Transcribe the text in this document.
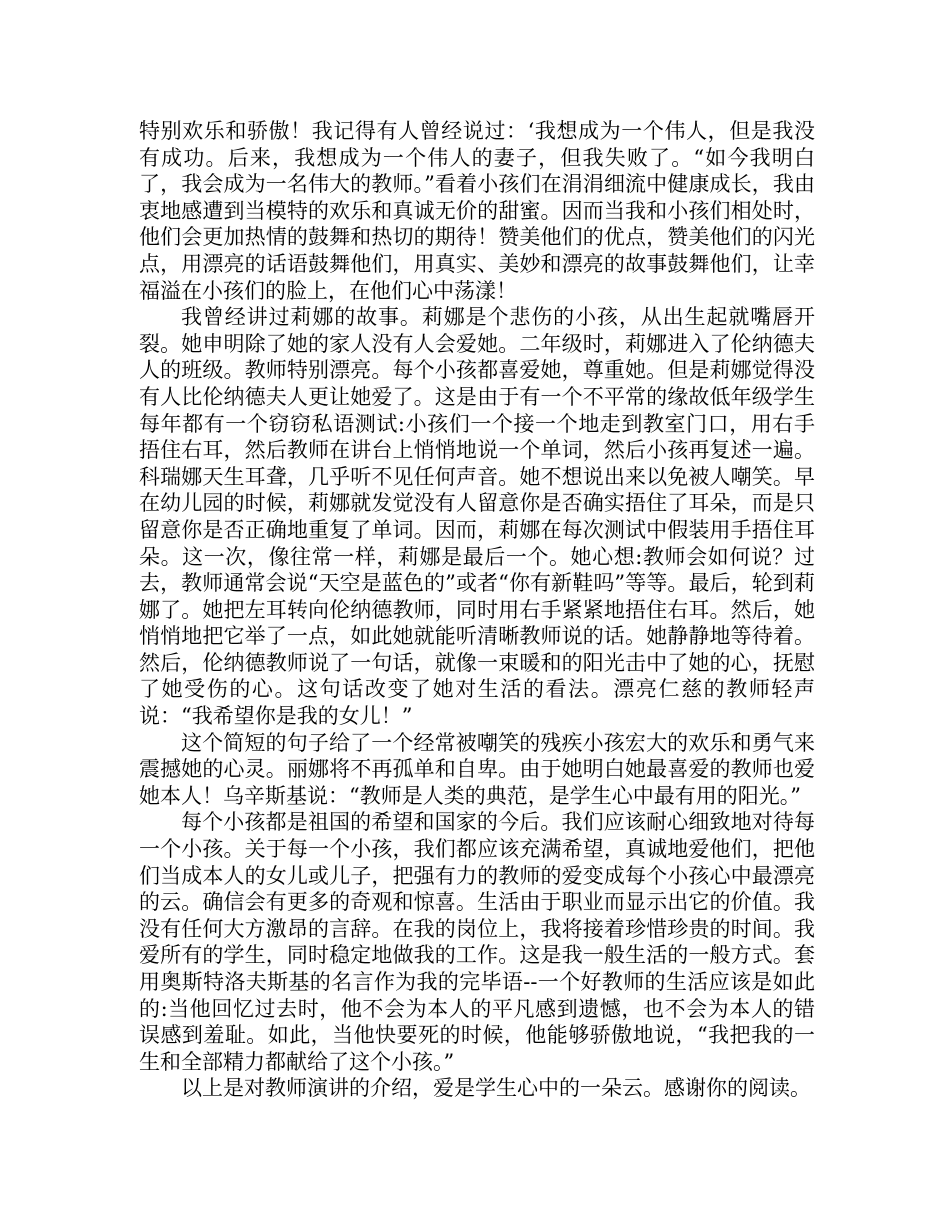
特别欢乐和骄傲！我记得有人曾经说过：‘我想成为一个伟人，但是我没有成功。后来，我想成为一个伟人的妻子，但我失败了。“如今我明白了，我会成为一名伟大的教师。”看着小孩们在涓涓细流中健康成长，我由衷地感遭到当模特的欢乐和真诚无价的甜蜜。因而当我和小孩们相处时，他们会更加热情的鼓舞和热切的期待！赞美他们的优点，赞美他们的闪光点，用漂亮的话语鼓舞他们，用真实、美妙和漂亮的故事鼓舞他们，让幸福溢在小孩们的脸上，在他们心中荡漾！

我曾经讲过莉娜的故事。莉娜是个悲伤的小孩，从出生起就嘴唇开裂。她申明除了她的家人没有人会爱她。二年级时，莉娜进入了伦纳德夫人的班级。教师特别漂亮。每个小孩都喜爱她，尊重她。但是莉娜觉得没有人比伦纳德夫人更让她爱了。这是由于有一个不平常的缘故低年级学生每年都有一个窃窃私语测试:小孩们一个接一个地走到教室门口，用右手捂住右耳，然后教师在讲台上悄悄地说一个单词，然后小孩再复述一遍。科瑞娜天生耳聋，几乎听不见任何声音。她不想说出来以免被人嘲笑。早在幼儿园的时候，莉娜就发觉没有人留意你是否确实捂住了耳朵，而是只留意你是否正确地重复了单词。因而，莉娜在每次测试中假装用手捂住耳朵。这一次，像往常一样，莉娜是最后一个。她心想:教师会如何说？过去，教师通常会说“天空是蓝色的”或者“你有新鞋吗”等等。最后，轮到莉娜了。她把左耳转向伦纳德教师，同时用右手紧紧地捂住右耳。然后，她悄悄地把它举了一点，如此她就能听清晰教师说的话。她静静地等待着。然后，伦纳德教师说了一句话，就像一束暖和的阳光击中了她的心，抚慰了她受伤的心。这句话改变了她对生活的看法。漂亮仁慈的教师轻声说：“我希望你是我的女儿！”

这个简短的句子给了一个经常被嘲笑的残疾小孩宏大的欢乐和勇气来震撼她的心灵。丽娜将不再孤单和自卑。由于她明白她最喜爱的教师也爱她本人！乌辛斯基说：“教师是人类的典范，是学生心中最有用的阳光。”

每个小孩都是祖国的希望和国家的今后。我们应该耐心细致地对待每一个小孩。关于每一个小孩，我们都应该充满希望，真诚地爱他们，把他们当成本人的女儿或儿子，把强有力的教师的爱变成每个小孩心中最漂亮的云。确信会有更多的奇观和惊喜。生活由于职业而显示出它的价值。我没有任何大方激昂的言辞。在我的岗位上，我将接着珍惜珍贵的时间。我爱所有的学生，同时稳定地做我的工作。这是我一般生活的一般方式。套用奥斯特洛夫斯基的名言作为我的完毕语--一个好教师的生活应该是如此的:当他回忆过去时，他不会为本人的平凡感到遗憾，也不会为本人的错误感到羞耻。如此，当他快要死的时候，他能够骄傲地说，“我把我的一生和全部精力都献给了这个小孩。”

以上是对教师演讲的介绍，爱是学生心中的一朵云。感谢你的阅读。
